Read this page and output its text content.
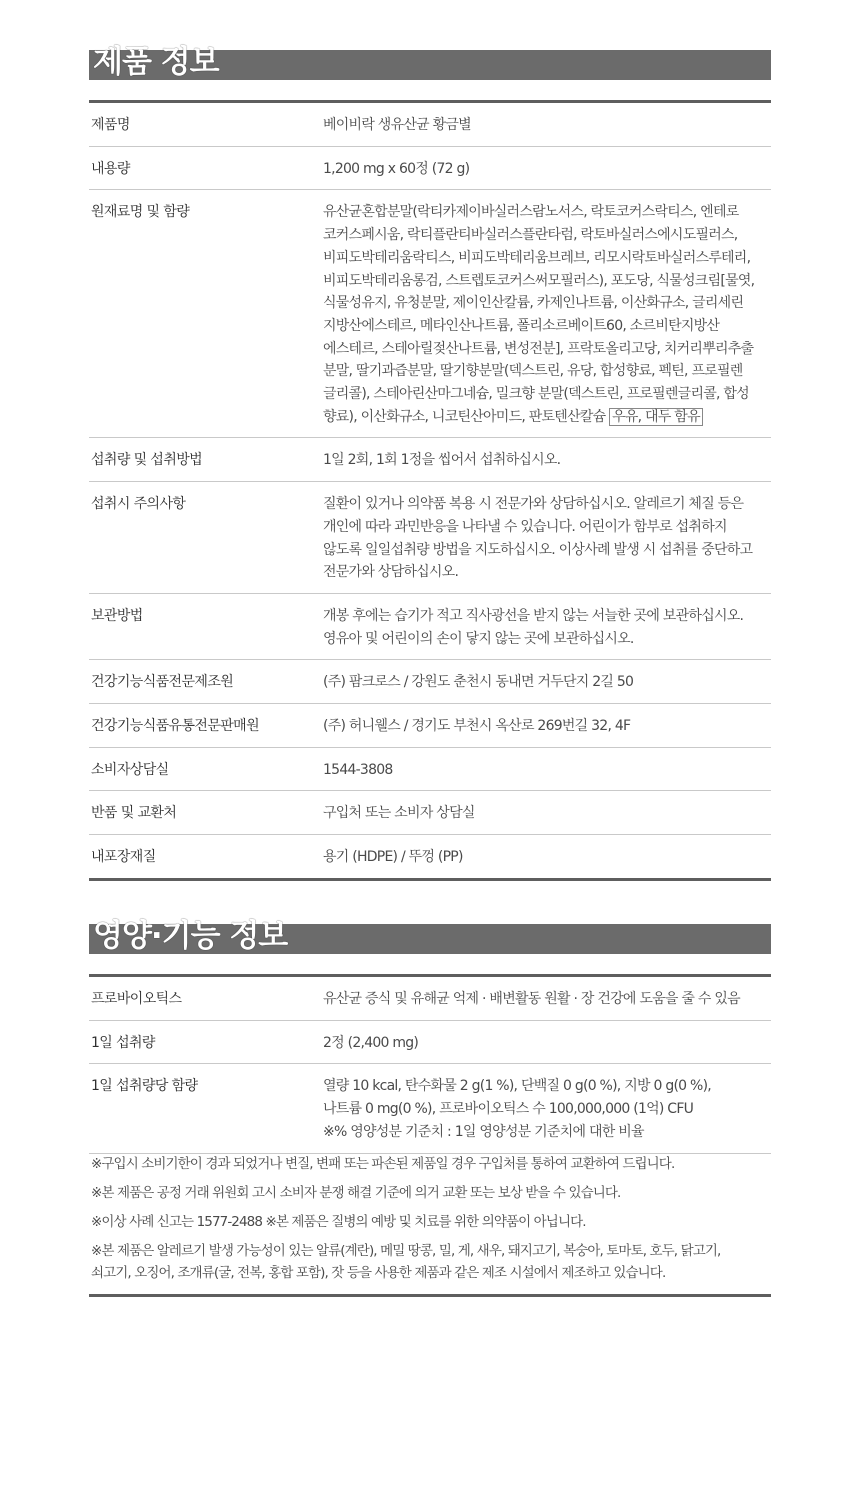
제품 정보
제품명	베이비락 생유산균 황금별
내용량	1,200 mg x 60정 (72 g)
원재료명 및 함량	유산균혼합분말(락티카제이바실러스람노서스, 락토코커스락티스, 엔테로
코커스페시움, 락티플란티바실러스플란타럼, 락토바실러스에시도필러스,
비피도박테리움락티스, 비피도박테리움브레브, 리모시락토바실러스루테리,
비피도박테리움롱검, 스트렙토코커스써모필러스), 포도당, 식물성크림[물엿,
식물성유지, 유청분말, 제이인산칼륨, 카제인나트륨, 이산화규소, 글리세린
지방산에스테르, 메타인산나트륨, 폴리소르베이트60, 소르비탄지방산
에스테르, 스테아릴젖산나트륨, 변성전분], 프락토올리고당, 치커리뿌리추출
분말, 딸기과즙분말, 딸기향분말(덱스트린, 유당, 합성향료, 펙틴, 프로필렌
글리콜), 스테아린산마그네슘, 밀크향 분말(덱스트린, 프로필렌글리콜, 합성
향료), 이산화규소, 니코틴산아미드, 판토텐산칼슘 우유, 대두 함유
섭취량 및 섭취방법	1일 2회, 1회 1정을 씹어서 섭취하십시오.
섭취시 주의사항	질환이 있거나 의약품 복용 시 전문가와 상담하십시오. 알레르기 체질 등은
개인에 따라 과민반응을 나타낼 수 있습니다. 어린이가 함부로 섭취하지
않도록 일일섭취량 방법을 지도하십시오. 이상사례 발생 시 섭취를 중단하고
전문가와 상담하십시오.
보관방법	개봉 후에는 습기가 적고 직사광선을 받지 않는 서늘한 곳에 보관하십시오.
영유아 및 어린이의 손이 닿지 않는 곳에 보관하십시오.
건강기능식품전문제조원	(주) 팜크로스 / 강원도 춘천시 동내면 거두단지 2길 50
건강기능식품유통전문판매원	(주) 허니웰스 / 경기도 부천시 옥산로 269번길 32, 4F
소비자상담실	1544-3808
반품 및 교환처	구입처 또는 소비자 상담실
내포장재질	용기 (HDPE) / 뚜껑 (PP)
영양·기능 정보
프로바이오틱스	유산균 증식 및 유해균 억제 · 배변활동 원활 · 장 건강에 도움을 줄 수 있음
1일 섭취량	2정 (2,400 mg)
1일 섭취량당 함량	열량 10 kcal, 탄수화물 2 g(1 %), 단백질 0 g(0 %), 지방 0 g(0 %),
나트륨 0 mg(0 %), 프로바이오틱스 수 100,000,000 (1억) CFU
※% 영양성분 기준치 : 1일 영양성분 기준치에 대한 비율
※구입시 소비기한이 경과 되었거나 변질, 변패 또는 파손된 제품일 경우 구입처를 통하여 교환하여 드립니다.
※본 제품은 공정 거래 위원회 고시 소비자 분쟁 해결 기준에 의거 교환 또는 보상 받을 수 있습니다.
※이상 사례 신고는 1577-2488 ※본 제품은 질병의 예방 및 치료를 위한 의약품이 아닙니다.
※본 제품은 알레르기 발생 가능성이 있는 알류(계란), 메밀 땅콩, 밀, 게, 새우, 돼지고기, 복숭아, 토마토, 호두, 닭고기,
쇠고기, 오징어, 조개류(굴, 전복, 홍합 포함), 잣 등을 사용한 제품과 같은 제조 시설에서 제조하고 있습니다.
